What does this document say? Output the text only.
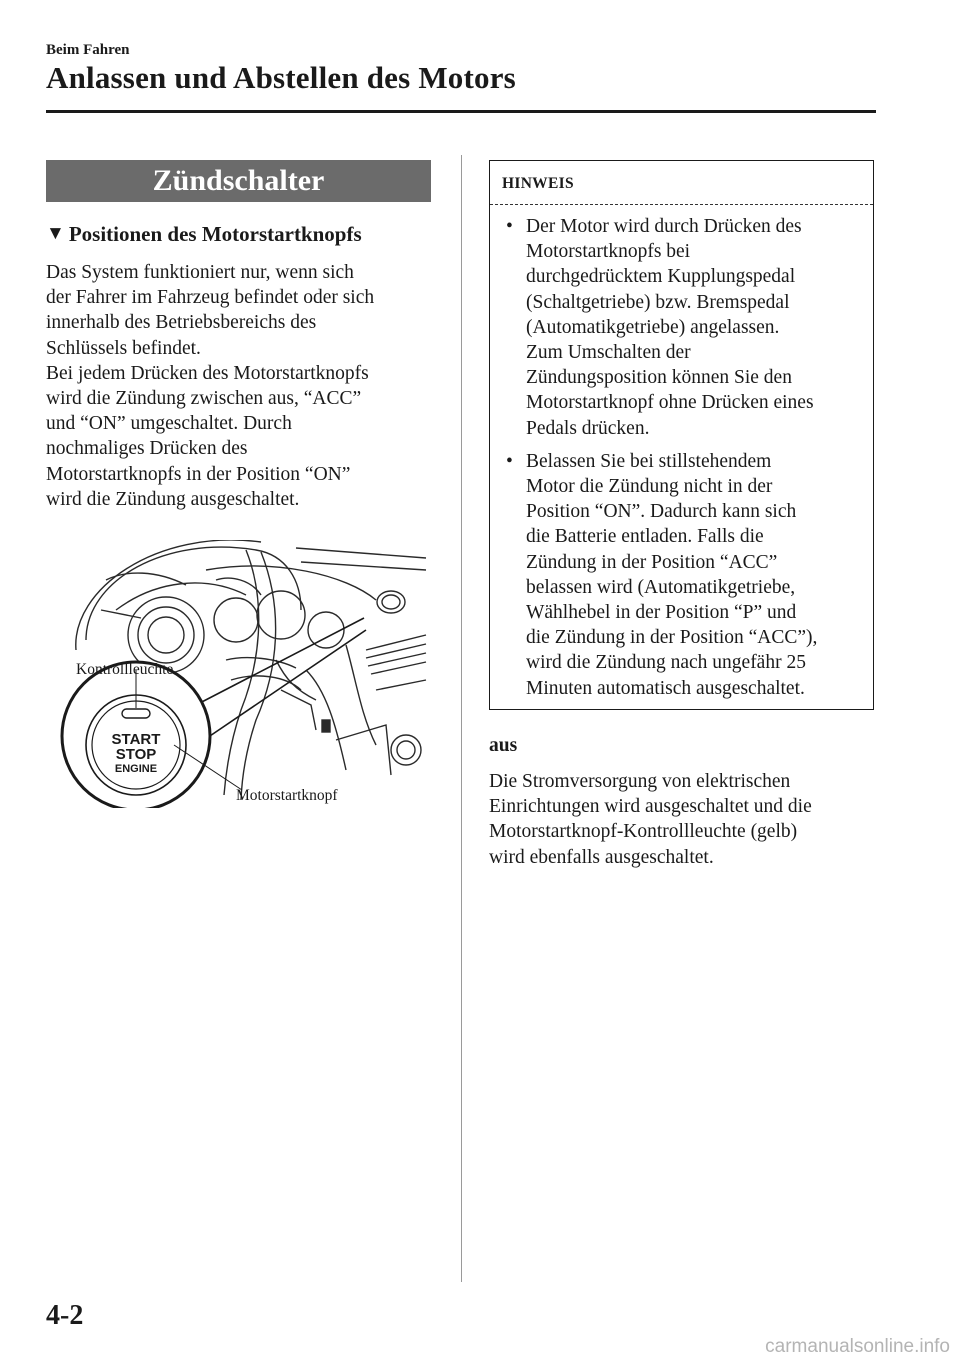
Beim Fahren
Anlassen und Abstellen des Motors
Zündschalter
▼ Positionen des Motorstartknopfs
Das System funktioniert nur, wenn sich
der Fahrer im Fahrzeug befindet oder sich
innerhalb des Betriebsbereichs des
Schlüssels befindet.
Bei jedem Drücken des Motorstartknopfs
wird die Zündung zwischen aus, “ACC”
und “ON” umgeschaltet. Durch
nochmaliges Drücken des
Motorstartknopfs in der Position “ON”
wird die Zündung ausgeschaltet.
START
STOP
ENGINE
Kontrollleuchte
Motorstartknopf
HINWEIS
• Der Motor wird durch Drücken des
Motorstartknopfs bei
durchgedrücktem Kupplungspedal
(Schaltgetriebe) bzw. Bremspedal
(Automatikgetriebe) angelassen.
Zum Umschalten der
Zündungsposition können Sie den
Motorstartknopf ohne Drücken eines
Pedals drücken.
• Belassen Sie bei stillstehendem
Motor die Zündung nicht in der
Position “ON”. Dadurch kann sich
die Batterie entladen. Falls die
Zündung in der Position “ACC”
belassen wird (Automatikgetriebe,
Wählhebel in der Position “P” und
die Zündung in der Position “ACC”),
wird die Zündung nach ungefähr 25
Minuten automatisch ausgeschaltet.
aus
Die Stromversorgung von elektrischen
Einrichtungen wird ausgeschaltet und die
Motorstartknopf-Kontrollleuchte (gelb)
wird ebenfalls ausgeschaltet.
4-2
carmanualsonline.info
